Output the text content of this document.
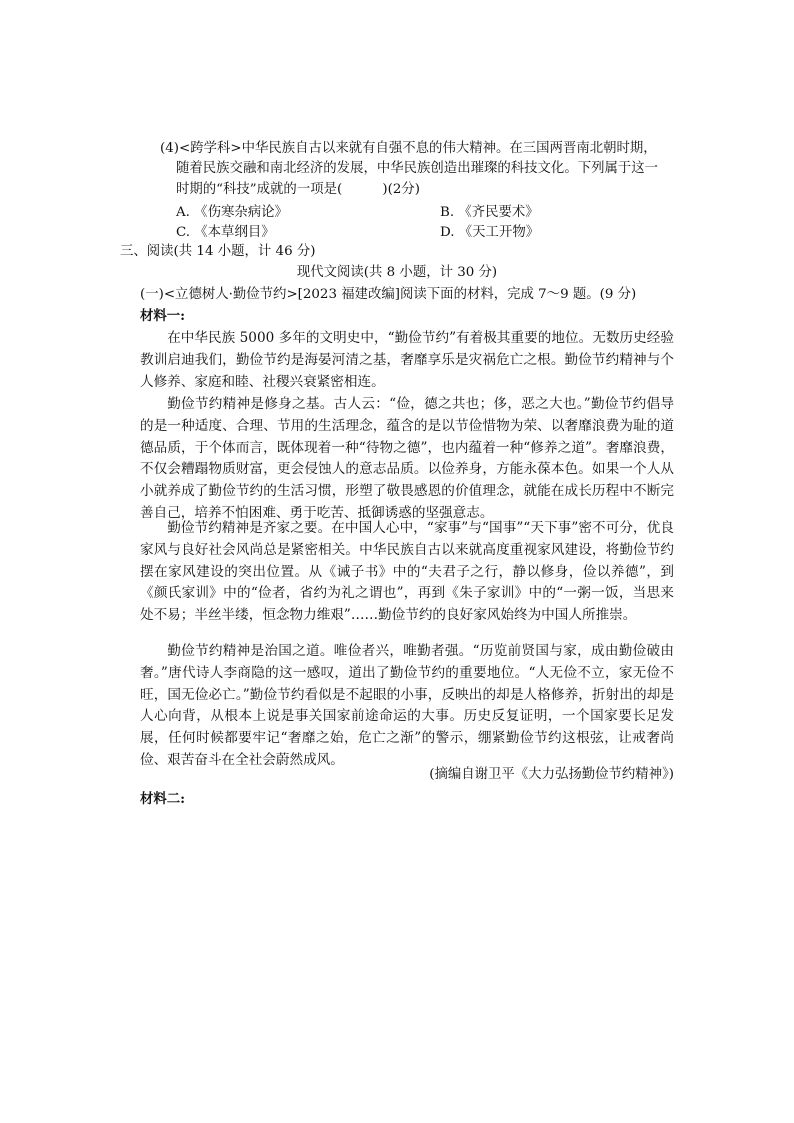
(4)<跨学科>中华民族自古以来就有自强不息的伟大精神。在三国两晋南北朝时期，
随着民族交融和南北经济的发展，中华民族创造出璀璨的科技文化。下列属于这一
时期的“科技”成就的一项是(　　　)(2分)
A. 《伤寒杂病论》	B. 《齐民要术》
C. 《本草纲目》	D. 《天工开物》
三、阅读(共 14 小题，计 46 分)
现代文阅读(共 8 小题，计 30 分)
(一)<立德树人·勤俭节约>[2023 福建改编]阅读下面的材料，完成 7～9 题。(9 分)
材料一:
在中华民族 5000 多年的文明史中，“勤俭节约”有着极其重要的地位。无数历史经验教训启迪我们，勤俭节约是海晏河清之基，奢靡享乐是灾祸危亡之根。勤俭节约精神与个人修养、家庭和睦、社稷兴衰紧密相连。
勤俭节约精神是修身之基。古人云：“俭，德之共也；侈，恶之大也。”勤俭节约倡导的是一种适度、合理、节用的生活理念，蕴含的是以节俭惜物为荣、以奢靡浪费为耻的道德品质，于个体而言，既体现着一种“待物之德”，也内蕴着一种“修养之道”。奢靡浪费，不仅会糟蹋物质财富，更会侵蚀人的意志品质。以俭养身，方能永葆本色。如果一个人从小就养成了勤俭节约的生活习惯，形塑了敬畏感恩的价值理念，就能在成长历程中不断完善自己，培养不怕困难、勇于吃苦、抵御诱惑的坚强意志。
勤俭节约精神是齐家之要。在中国人心中，“家事”与“国事”“天下事”密不可分，优良家风与良好社会风尚总是紧密相关。中华民族自古以来就高度重视家风建设，将勤俭节约摆在家风建设的突出位置。从《诫子书》中的“夫君子之行，静以修身，俭以养德”，到《颜氏家训》中的“俭者，省约为礼之谓也”，再到《朱子家训》中的“一粥一饭，当思来处不易；半丝半缕，恒念物力维艰”……勤俭节约的良好家风始终为中国人所推崇。
勤俭节约精神是治国之道。唯俭者兴，唯勤者强。“历览前贤国与家，成由勤俭破由奢。”唐代诗人李商隐的这一感叹，道出了勤俭节约的重要地位。“人无俭不立，家无俭不旺，国无俭必亡。”勤俭节约看似是不起眼的小事，反映出的却是人格修养，折射出的却是人心向背，从根本上说是事关国家前途命运的大事。历史反复证明，一个国家要长足发展，任何时候都要牢记“奢靡之始，危亡之渐”的警示，绷紧勤俭节约这根弦，让戒奢尚俭、艰苦奋斗在全社会蔚然成风。
(摘编自谢卫平《大力弘扬勤俭节约精神》)
材料二:
